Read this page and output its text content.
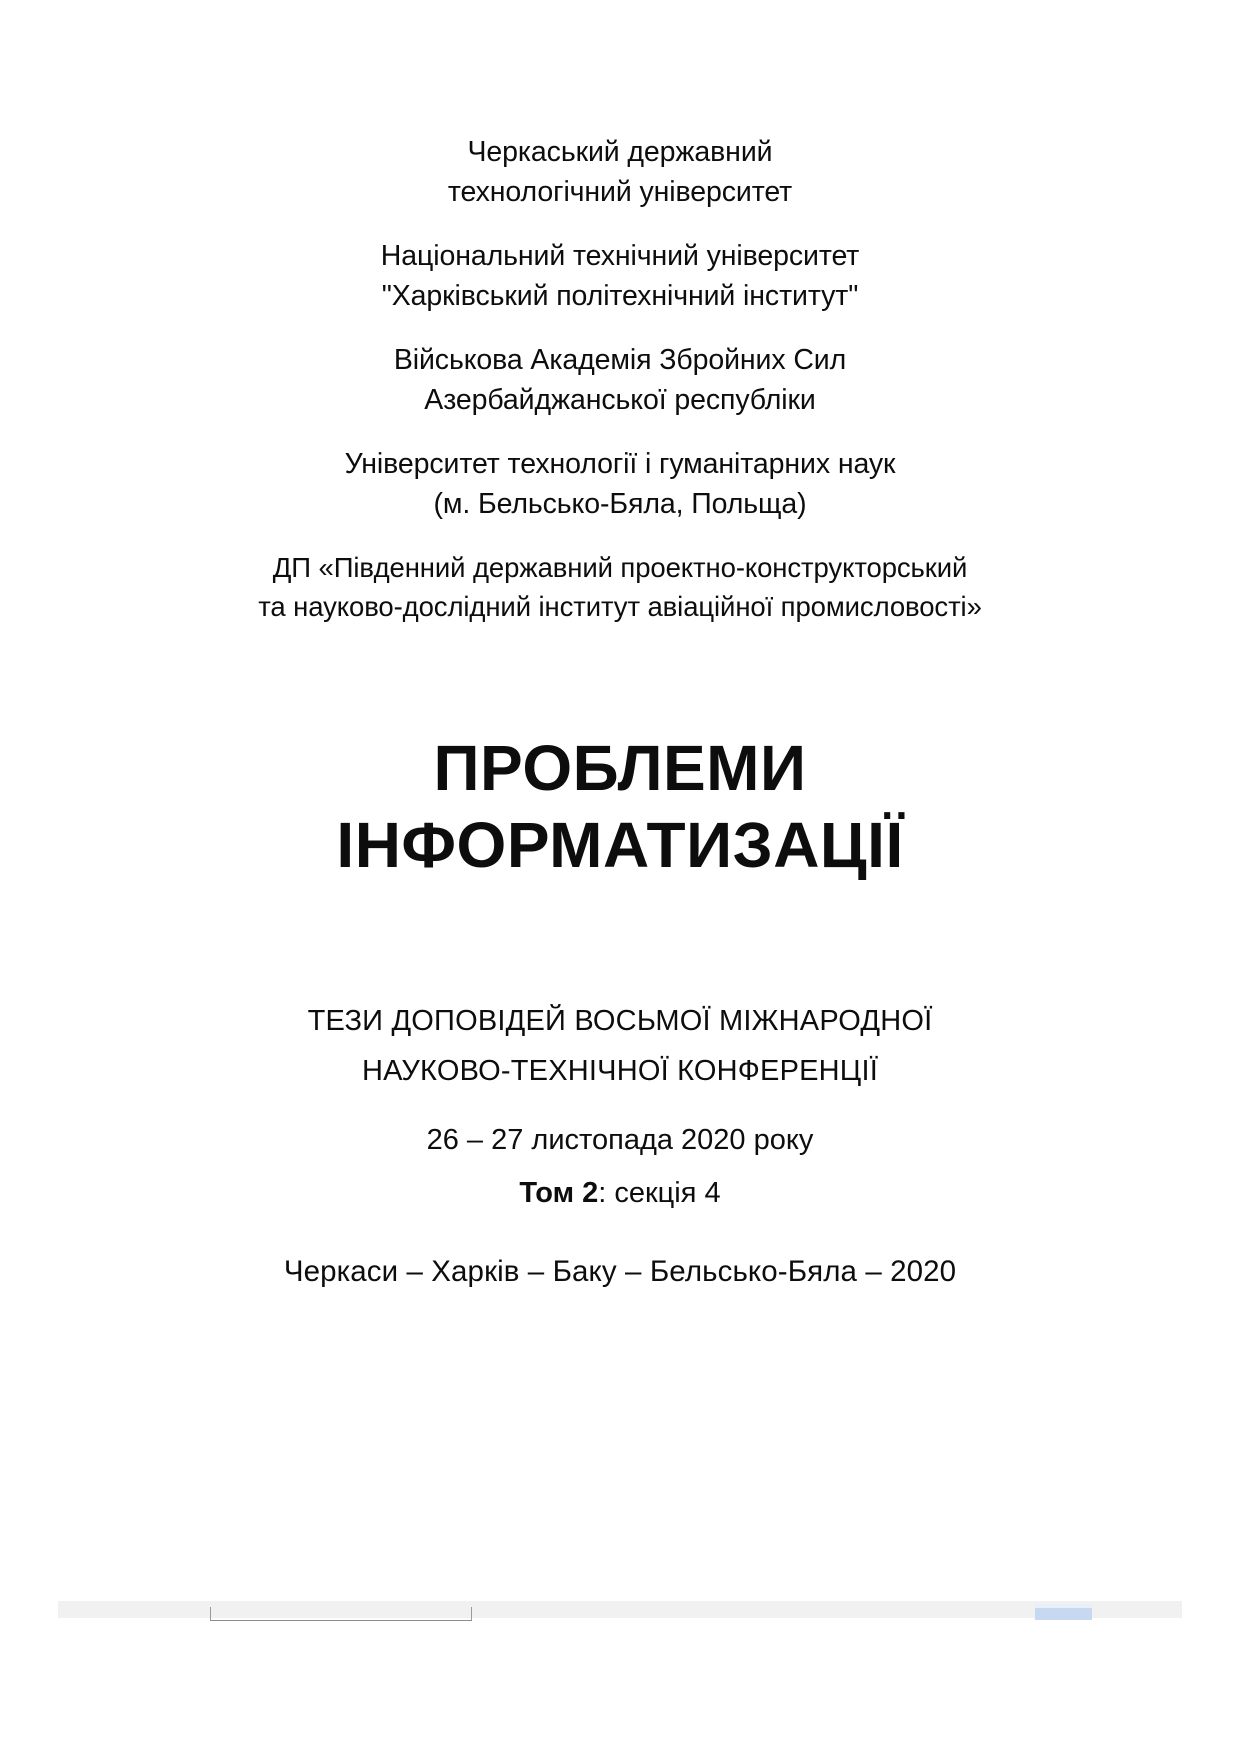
Черкаський державний
технологічний університет
Національний технічний університет
"Харківський політехнічний інститут"
Військова Академія Збройних Сил
Азербайджанської республіки
Університет технології і гуманітарних наук
(м. Бельсько-Бяла, Польща)
ДП «Південний державний проектно-конструкторський
та науково-дослідний інститут авіаційної промисловості»
ПРОБЛЕМИ
ІНФОРМАТИЗАЦІЇ
ТЕЗИ ДОПОВІДЕЙ ВОСЬМОЇ МІЖНАРОДНОЇ
НАУКОВО-ТЕХНІЧНОЇ КОНФЕРЕНЦІЇ
26 – 27 листопада 2020 року
Том 2: секція 4
Черкаси – Харків – Баку – Бельсько-Бяла – 2020
